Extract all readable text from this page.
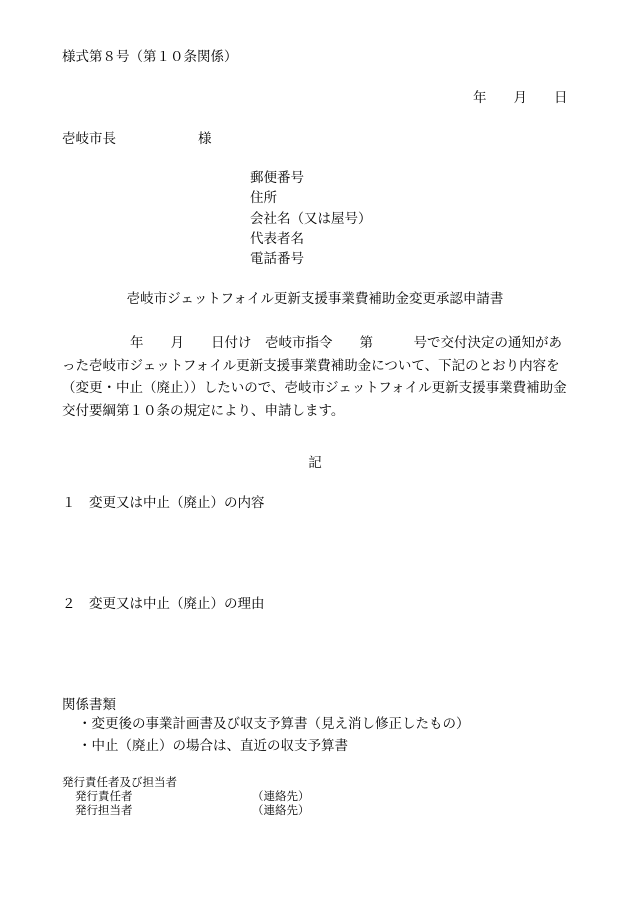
様式第８号（第１０条関係）
年 月 日
壱岐市長	様
郵便番号
住所
会社名（又は屋号）
代表者名
電話番号
壱岐市ジェットフォイル更新支援事業費補助金変更承認申請書

年　　月　　日付け　壱岐市指令　　第　　　号で交付決定の通知があ

った壱岐市ジェットフォイル更新支援事業費補助金について、下記のとおり内容を

（変更・中止（廃止））したいので、壱岐市ジェットフォイル更新支援事業費補助金

交付要綱第１０条の規定により、申請します。

記
１　変更又は中止（廃止）の内容
２　変更又は中止（廃止）の理由
関係書類
・変更後の事業計画書及び収支予算書（見え消し修正したもの）
・中止（廃止）の場合は、直近の収支予算書
発行責任者及び担当者
発行責任者	（連絡先）
発行担当者	（連絡先）
